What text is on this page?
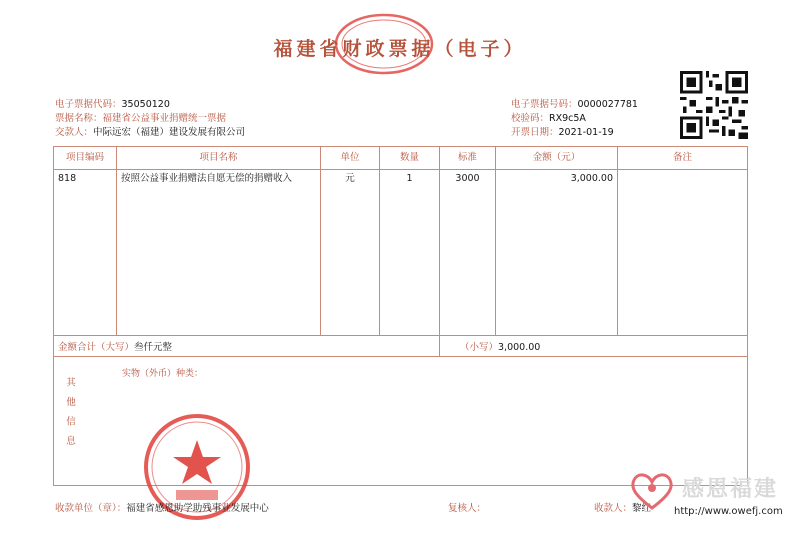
福建省财政票据（电子）
电子票据代码：35050120
票据名称：福建省公益事业捐赠统一票据
交款人：中际远宏（福建）建设发展有限公司
电子票据号码：0000027781
校验码：RX9c5A
开票日期：2021-01-19
项目编码	项目名称	单位	数量	标准	金额（元）	备注

818	按照公益事业捐赠法自愿无偿的捐赠收入	元	1	3000	3,000.00	

金额合计（大写）叁仟元整				（小写）3,000.00		

其他信息
实物（外币）种类：						
收款单位（章）：福建省感恩助学助残事业发展中心	复核人：	收款人：黎红
感恩福建
http://www.owefj.com
